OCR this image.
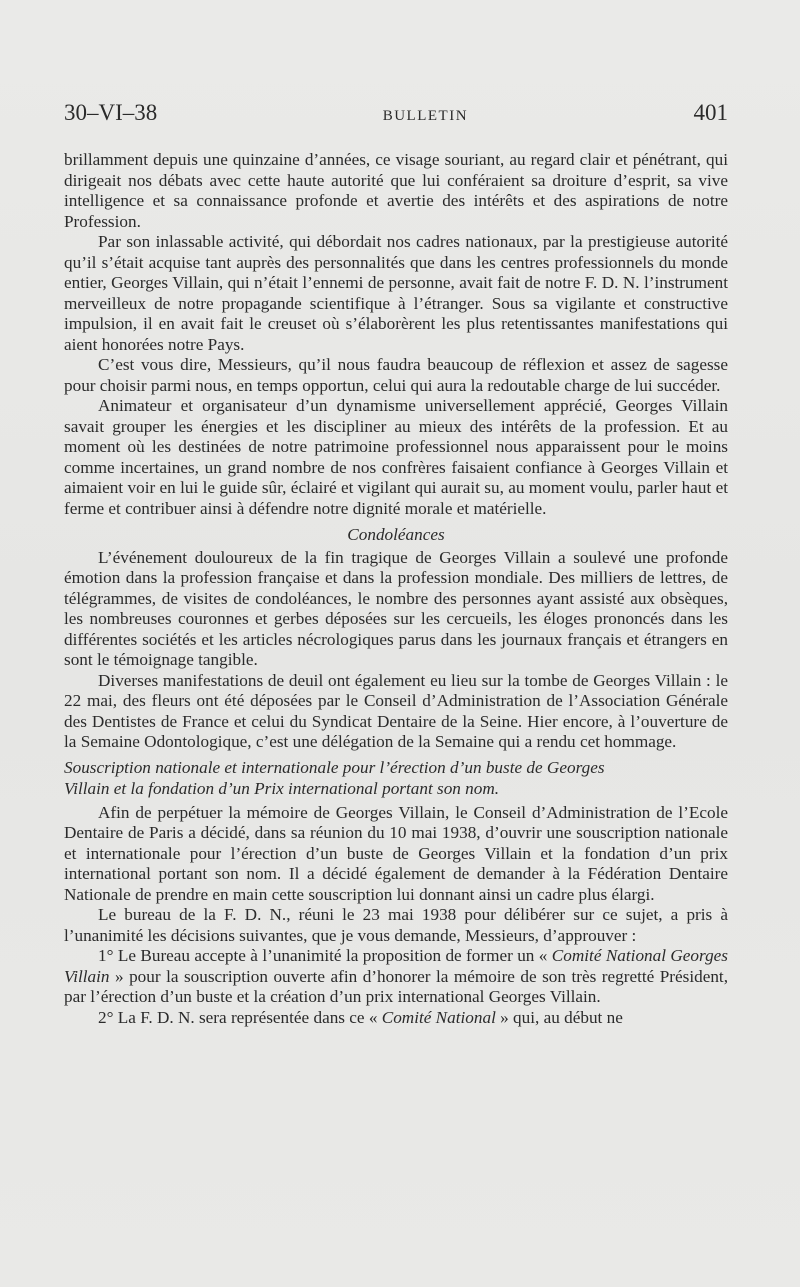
30–VI–38	BULLETIN	401

brillamment depuis une quinzaine d’années, ce visage souriant, au regard clair et pénétrant, qui dirigeait nos débats avec cette haute autorité que lui conféraient sa droiture d’esprit, sa vive intelligence et sa connaissance profonde et avertie des intérêts et des aspirations de notre Profession.

Par son inlassable activité, qui débordait nos cadres nationaux, par la prestigieuse autorité qu’il s’était acquise tant auprès des personnalités que dans les centres professionnels du monde entier, Georges Villain, qui n’était l’ennemi de personne, avait fait de notre F. D. N. l’instrument merveilleux de notre propagande scientifique à l’étranger. Sous sa vigilante et constructive impulsion, il en avait fait le creuset où s’élaborèrent les plus retentissantes manifestations qui aient honorées notre Pays.

C’est vous dire, Messieurs, qu’il nous faudra beaucoup de réflexion et assez de sagesse pour choisir parmi nous, en temps opportun, celui qui aura la redoutable charge de lui succéder.

Animateur et organisateur d’un dynamisme universellement apprécié, Georges Villain savait grouper les énergies et les discipliner au mieux des intérêts de la profession. Et au moment où les destinées de notre patrimoine professionnel nous apparaissent pour le moins comme incertaines, un grand nombre de nos confrères faisaient confiance à Georges Villain et aimaient voir en lui le guide sûr, éclairé et vigilant qui aurait su, au moment voulu, parler haut et ferme et contribuer ainsi à défendre notre dignité morale et matérielle.

Condoléances

L’événement douloureux de la fin tragique de Georges Villain a soulevé une profonde émotion dans la profession française et dans la profession mondiale. Des milliers de lettres, de télégrammes, de visites de condoléances, le nombre des personnes ayant assisté aux obsèques, les nombreuses couronnes et gerbes déposées sur les cercueils, les éloges prononcés dans les différentes sociétés et les articles nécrologiques parus dans les journaux français et étrangers en sont le témoignage tangible.

Diverses manifestations de deuil ont également eu lieu sur la tombe de Georges Villain : le 22 mai, des fleurs ont été déposées par le Conseil d’Administration de l’Association Générale des Dentistes de France et celui du Syndicat Dentaire de la Seine. Hier encore, à l’ouverture de la Semaine Odontologique, c’est une délégation de la Semaine qui a rendu cet hommage.

Souscription nationale et internationale pour l’érection d’un buste de Georges
Villain et la fondation d’un Prix international portant son nom.

Afin de perpétuer la mémoire de Georges Villain, le Conseil d’Administration de l’Ecole Dentaire de Paris a décidé, dans sa réunion du 10 mai 1938, d’ouvrir une souscription nationale et internationale pour l’érection d’un buste de Georges Villain et la fondation d’un prix international portant son nom. Il a décidé également de demander à la Fédération Dentaire Nationale de prendre en main cette souscription lui donnant ainsi un cadre plus élargi.

Le bureau de la F. D. N., réuni le 23 mai 1938 pour délibérer sur ce sujet, a pris à l’unanimité les décisions suivantes, que je vous demande, Messieurs, d’approuver :

1° Le Bureau accepte à l’unanimité la proposition de former un « Comité National Georges Villain » pour la souscription ouverte afin d’honorer la mémoire de son très regretté Président, par l’érection d’un buste et la création d’un prix international Georges Villain.

2° La F. D. N. sera représentée dans ce « Comité National » qui, au début ne
